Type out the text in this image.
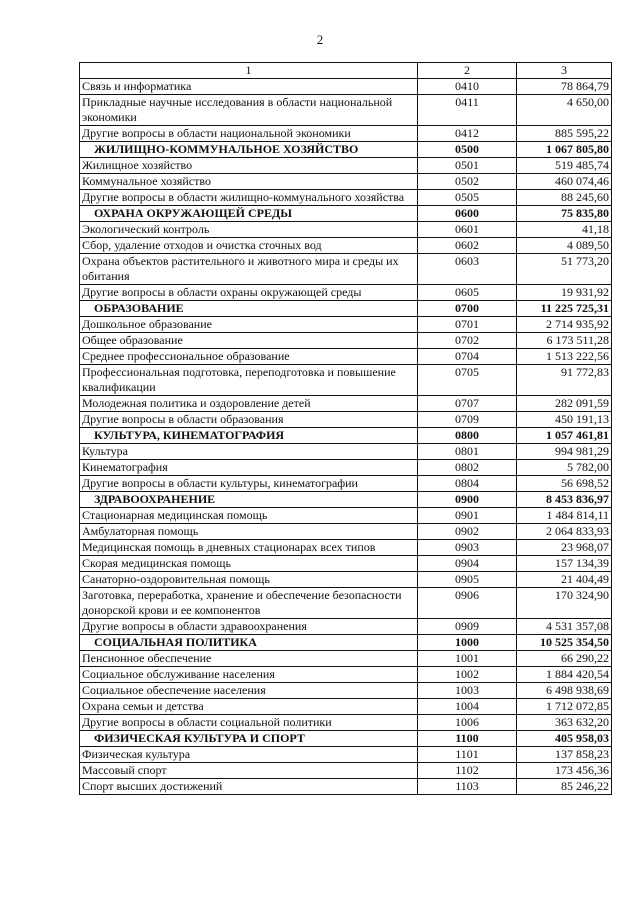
2
1	2	3
Связь и информатика	0410	78 864,79
Прикладные научные исследования в области национальной экономики	0411	4 650,00
Другие вопросы в области национальной экономики	0412	885 595,22
ЖИЛИЩНО-КОММУНАЛЬНОЕ ХОЗЯЙСТВО	0500	1 067 805,80
Жилищное хозяйство	0501	519 485,74
Коммунальное хозяйство	0502	460 074,46
Другие вопросы в области жилищно-коммунального хозяйства	0505	88 245,60
ОХРАНА ОКРУЖАЮЩЕЙ СРЕДЫ	0600	75 835,80
Экологический контроль	0601	41,18
Сбор, удаление отходов и очистка сточных вод	0602	4 089,50
Охрана объектов растительного и животного мира и среды их обитания	0603	51 773,20
Другие вопросы в области охраны окружающей среды	0605	19 931,92
ОБРАЗОВАНИЕ	0700	11 225 725,31
Дошкольное образование	0701	2 714 935,92
Общее образование	0702	6 173 511,28
Среднее профессиональное образование	0704	1 513 222,56
Профессиональная подготовка, переподготовка и повышение квалификации	0705	91 772,83
Молодежная политика и оздоровление детей	0707	282 091,59
Другие вопросы в области образования	0709	450 191,13
КУЛЬТУРА, КИНЕМАТОГРАФИЯ	0800	1 057 461,81
Культура	0801	994 981,29
Кинематография	0802	5 782,00
Другие вопросы в области культуры, кинематографии	0804	56 698,52
ЗДРАВООХРАНЕНИЕ	0900	8 453 836,97
Стационарная медицинская помощь	0901	1 484 814,11
Амбулаторная помощь	0902	2 064 833,93
Медицинская помощь в дневных стационарах всех типов	0903	23 968,07
Скорая медицинская помощь	0904	157 134,39
Санаторно-оздоровительная помощь	0905	21 404,49
Заготовка, переработка, хранение и обеспечение безопасности донорской крови и ее компонентов	0906	170 324,90
Другие вопросы в области здравоохранения	0909	4 531 357,08
СОЦИАЛЬНАЯ ПОЛИТИКА	1000	10 525 354,50
Пенсионное обеспечение	1001	66 290,22
Социальное обслуживание населения	1002	1 884 420,54
Социальное обеспечение населения	1003	6 498 938,69
Охрана семьи и детства	1004	1 712 072,85
Другие вопросы в области социальной политики	1006	363 632,20
ФИЗИЧЕСКАЯ КУЛЬТУРА И СПОРТ	1100	405 958,03
Физическая культура	1101	137 858,23
Массовый спорт	1102	173 456,36
Спорт высших достижений	1103	85 246,22
